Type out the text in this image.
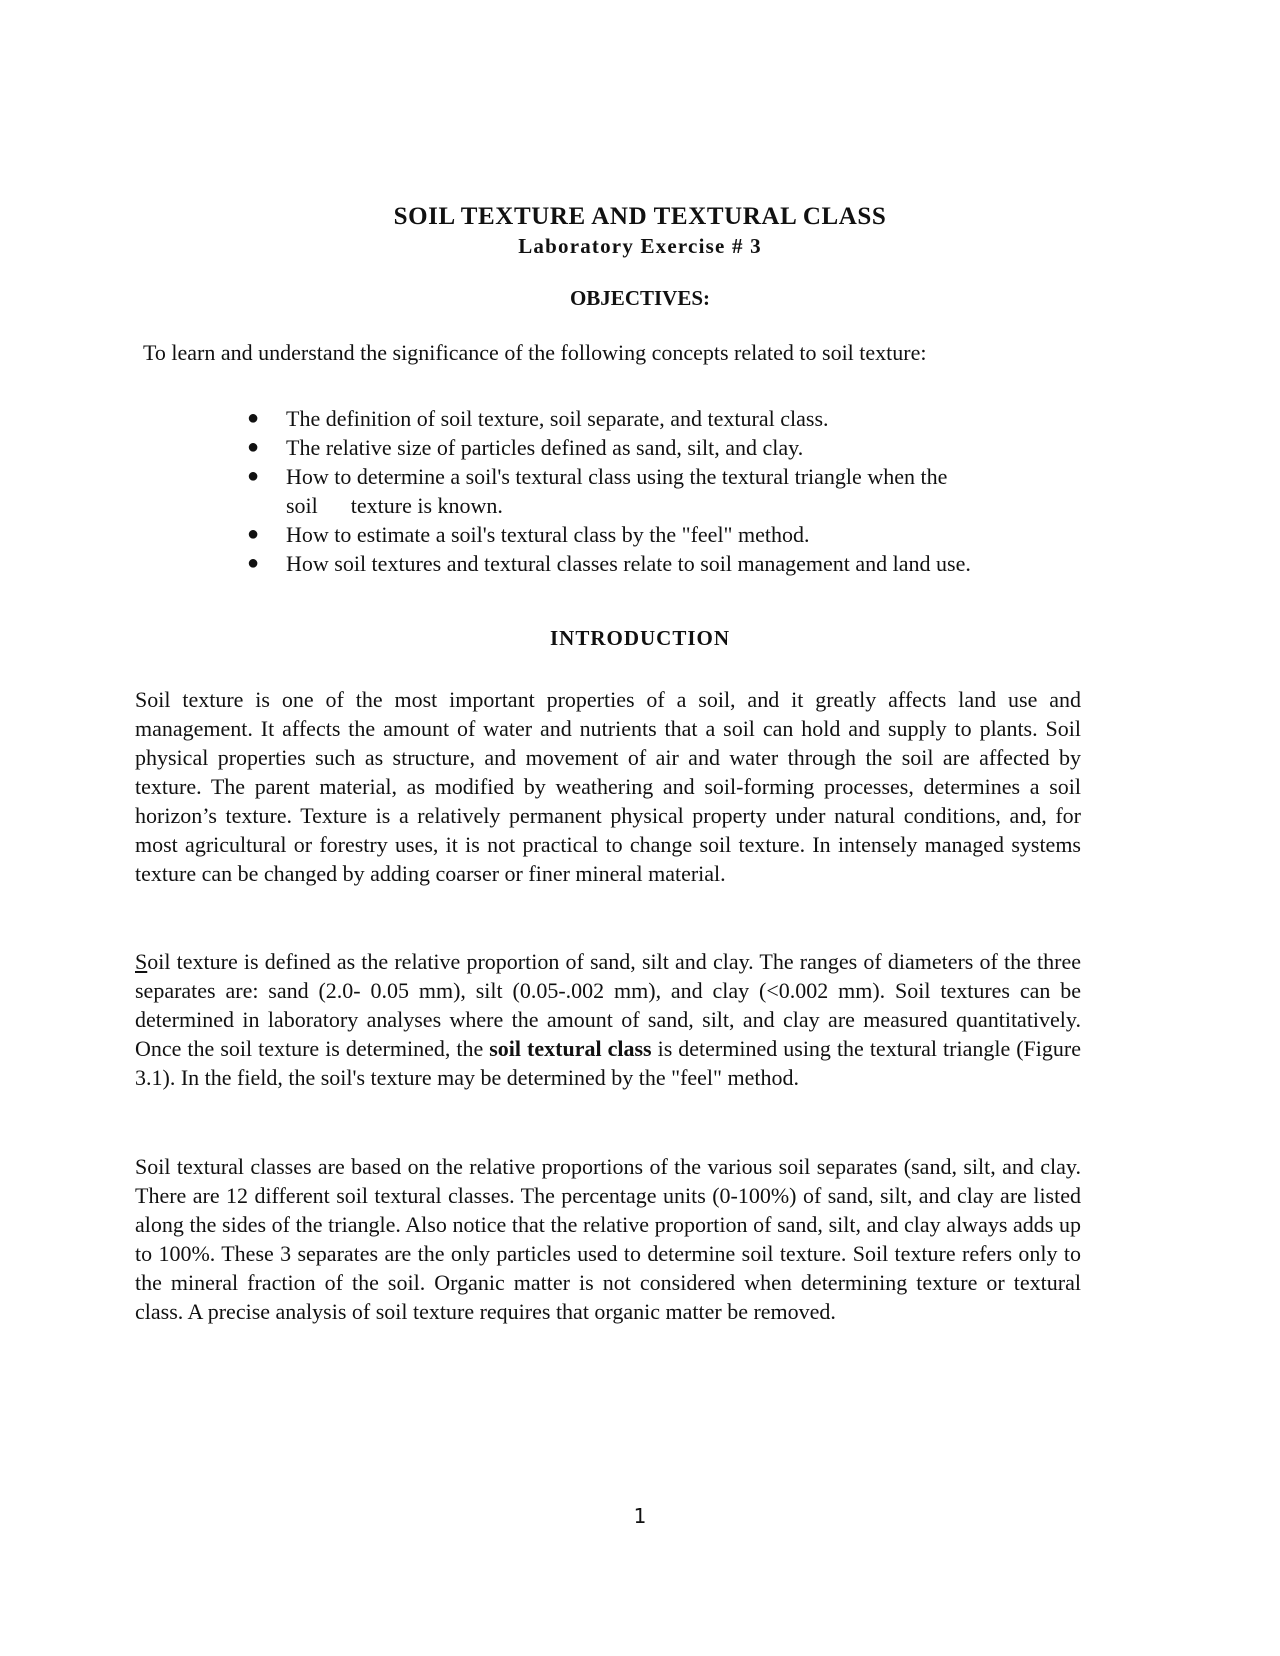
SOIL TEXTURE AND TEXTURAL CLASS
Laboratory Exercise # 3
OBJECTIVES:
To learn and understand the significance of the following concepts related to soil texture:
● The definition of soil texture, soil separate, and textural class.
● The relative size of particles defined as sand, silt, and clay.
● How to determine a soil's textural class using the textural triangle when the
soil      texture is known.
● How to estimate a soil's textural class by the "feel" method.
● How soil textures and textural classes relate to soil management and land use.
INTRODUCTION

Soil texture is one of the most important properties of a soil, and it greatly affects land use and management. It affects the amount of water and nutrients that a soil can hold and supply to plants. Soil physical properties such as structure, and movement of air and water through the soil are affected by texture. The parent material, as modified by weathering and soil-forming processes, determines a soil horizon’s texture. Texture is a relatively permanent physical property under natural conditions, and, for most agricultural or forestry uses, it is not practical to change soil texture. In intensely managed systems texture can be changed by adding coarser or finer mineral material.

Soil texture is defined as the relative proportion of sand, silt and clay. The ranges of diameters of the three separates are: sand (2.0- 0.05 mm), silt (0.05-.002 mm), and clay (<0.002 mm). Soil textures can be determined in laboratory analyses where the amount of sand, silt, and clay are measured quantitatively. Once the soil texture is determined, the soil textural class is determined using the textural triangle (Figure 3.1). In the field, the soil's texture may be determined by the "feel" method.

Soil textural classes are based on the relative proportions of the various soil separates (sand, silt, and clay. There are 12 different soil textural classes. The percentage units (0-100%) of sand, silt, and clay are listed along the sides of the triangle. Also notice that the relative proportion of sand, silt, and clay always adds up to 100%. These 3 separates are the only particles used to determine soil texture. Soil texture refers only to the mineral fraction of the soil. Organic matter is not considered when determining texture or textural class. A precise analysis of soil texture requires that organic matter be removed.

1
